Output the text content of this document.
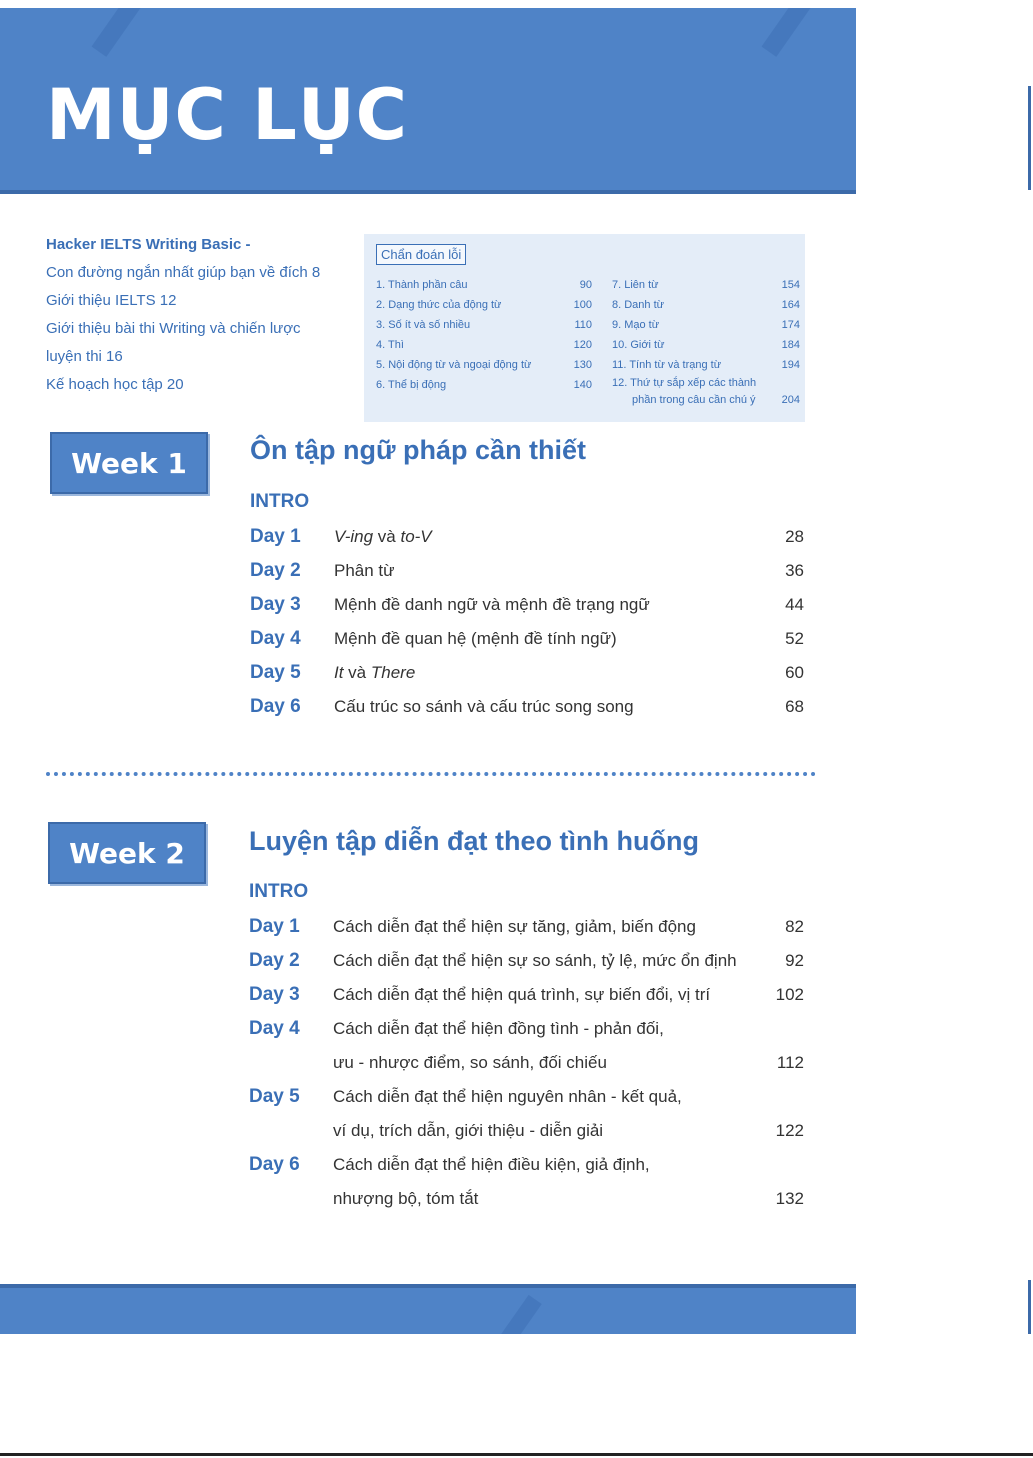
MỤC LỤC
Hacker IELTS Writing Basic -
Con đường ngắn nhất giúp bạn về đích 8
Giới thiệu IELTS 12
Giới thiệu bài thi Writing và chiến lược
luyện thi 16
Kế hoạch học tập 20
Chẩn đoán lỗi
1. Thành phần câu	90
2. Dạng thức của động từ	100
3. Số ít và số nhiều	110
4. Thì	120
5. Nội động từ và ngoại động từ	130
6. Thể bị động	140
7. Liên từ	154
8. Danh từ	164
9. Mạo từ	174
10. Giới từ	184
11. Tính từ và trạng từ	194
12. Thứ tự sắp xếp các thành
phần trong câu cần chú ý 204
Week 1	Ôn tập ngữ pháp cần thiết
INTRO
Day 1 V-ing và to-V	28
Day 2 Phân từ	36
Day 3 Mệnh đề danh ngữ và mệnh đề trạng ngữ	44
Day 4 Mệnh đề quan hệ (mệnh đề tính ngữ)	52
Day 5 It và There	60
Day 6 Cấu trúc so sánh và cấu trúc song song	68
Week 2	Luyện tập diễn đạt theo tình huống
INTRO
Day 1 Cách diễn đạt thể hiện sự tăng, giảm, biến động	82
Day 2 Cách diễn đạt thể hiện sự so sánh, tỷ lệ, mức ổn định	92
Day 3 Cách diễn đạt thể hiện quá trình, sự biến đổi, vị trí	102
Day 4 Cách diễn đạt thể hiện đồng tình - phản đối,
ưu - nhược điểm, so sánh, đối chiếu	112
Day 5 Cách diễn đạt thể hiện nguyên nhân - kết quả,
ví dụ, trích dẫn, giới thiệu - diễn giải	122
Day 6 Cách diễn đạt thể hiện điều kiện, giả định,
nhượng bộ, tóm tắt	132
